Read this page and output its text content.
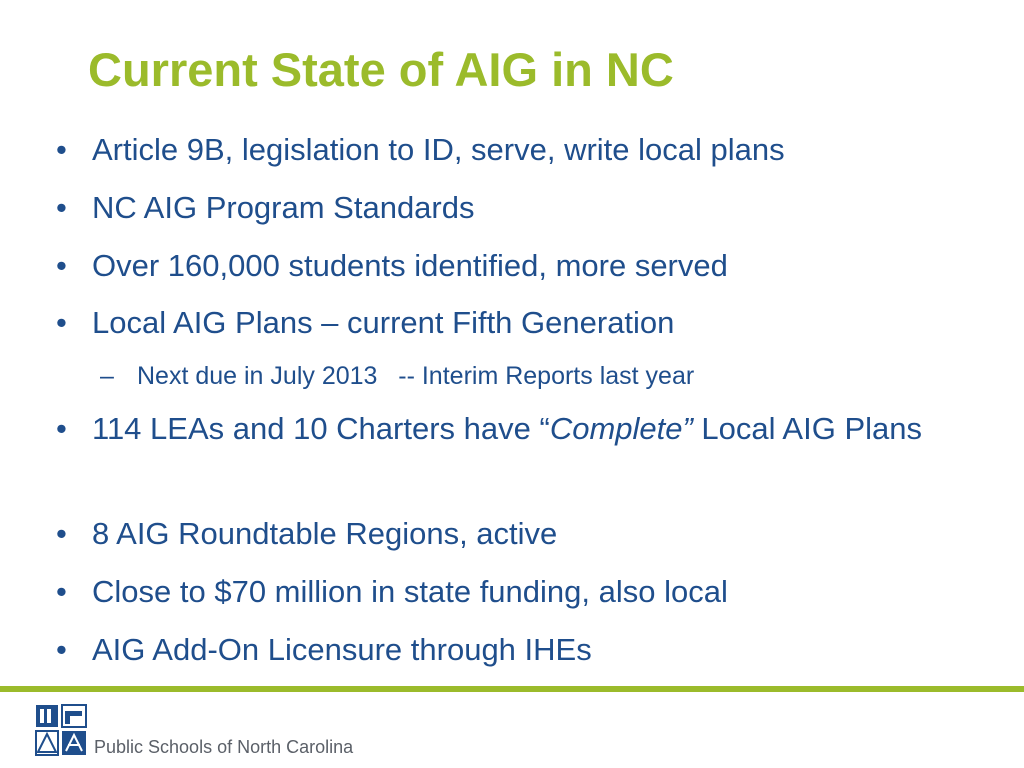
Current State of AIG in NC
• Article 9B, legislation to ID, serve, write local plans
• NC AIG Program Standards
• Over 160,000 students identified, more served
• Local AIG Plans – current Fifth Generation
– Next due in July 2013   -- Interim Reports last year
• 114 LEAs and 10 Charters have “Complete” Local AIG Plans
• 8 AIG Roundtable Regions, active
• Close to $70 million in state funding, also local
• AIG Add-On Licensure through IHEs
Public Schools of North Carolina
